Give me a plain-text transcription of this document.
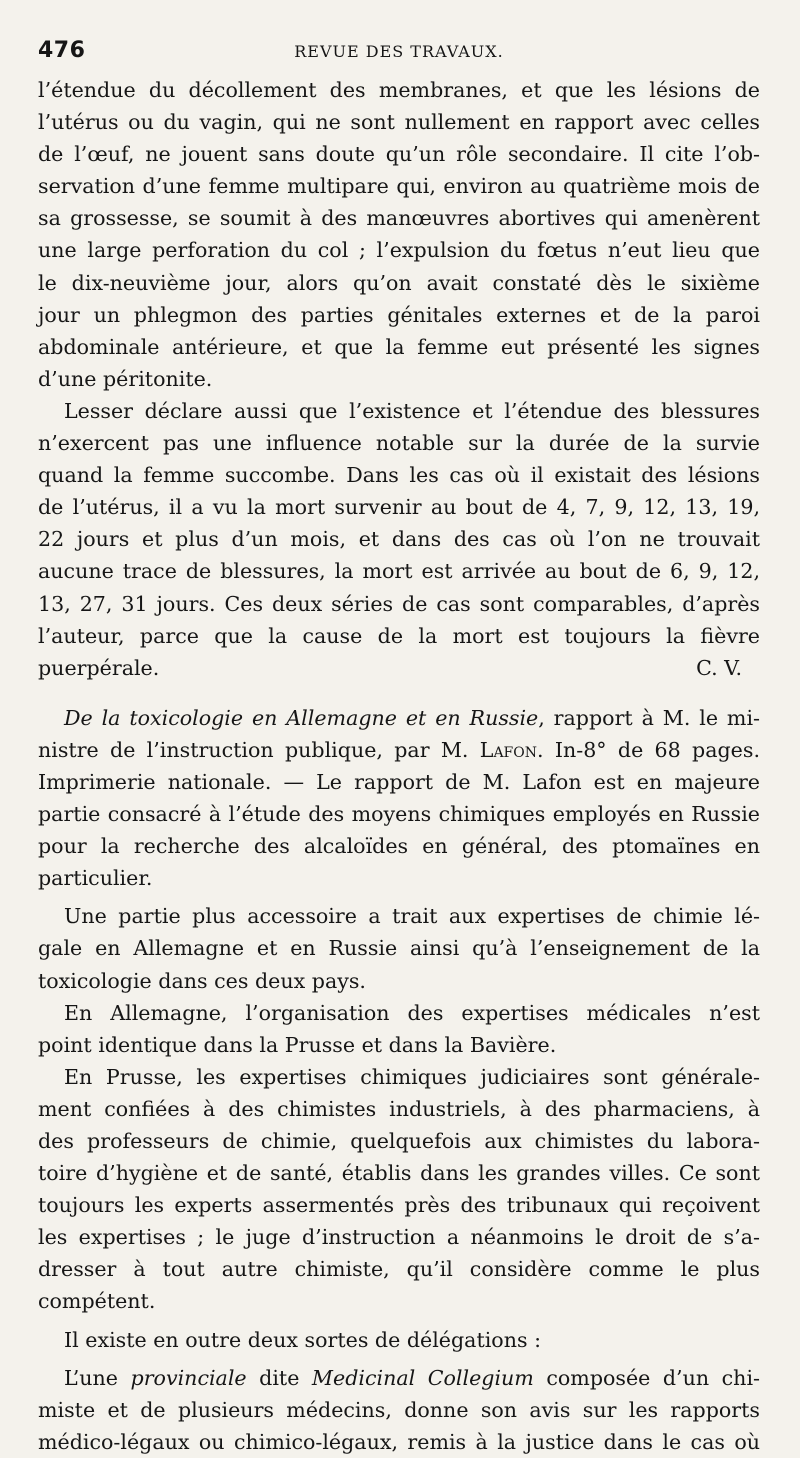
476	REVUE DES TRAVAUX.
l’étendue du décollement des membranes, et que les lésions de
l’utérus ou du vagin, qui ne sont nullement en rapport avec celles
de l’œuf, ne jouent sans doute qu’un rôle secondaire. Il cite l’ob-
servation d’une femme multipare qui, environ au quatrième mois de
sa grossesse, se soumit à des manœuvres abortives qui amenèrent
une large perforation du col ; l’expulsion du fœtus n’eut lieu que
le dix-neuvième jour, alors qu’on avait constaté dès le sixième
jour un phlegmon des parties génitales externes et de la paroi
abdominale antérieure, et que la femme eut présenté les signes
d’une péritonite.
Lesser déclare aussi que l’existence et l’étendue des blessures
n’exercent pas une influence notable sur la durée de la survie
quand la femme succombe. Dans les cas où il existait des lésions
de l’utérus, il a vu la mort survenir au bout de 4, 7, 9, 12, 13, 19,
22 jours et plus d’un mois, et dans des cas où l’on ne trouvait
aucune trace de blessures, la mort est arrivée au bout de 6, 9, 12,
13, 27, 31 jours. Ces deux séries de cas sont comparables, d’après
l’auteur, parce que la cause de la mort est toujours la fièvre
puerpérale.	C. V.
De la toxicologie en Allemagne et en Russie, rapport à M. le mi-
nistre de l’instruction publique, par M. Lafon. In-8° de 68 pages.
Imprimerie nationale. — Le rapport de M. Lafon est en majeure
partie consacré à l’étude des moyens chimiques employés en Russie
pour la recherche des alcaloïdes en général, des ptomaïnes en
particulier.
Une partie plus accessoire a trait aux expertises de chimie lé-
gale en Allemagne et en Russie ainsi qu’à l’enseignement de la
toxicologie dans ces deux pays.
En Allemagne, l’organisation des expertises médicales n’est
point identique dans la Prusse et dans la Bavière.
En Prusse, les expertises chimiques judiciaires sont générale-
ment confiées à des chimistes industriels, à des pharmaciens, à
des professeurs de chimie, quelquefois aux chimistes du labora-
toire d’hygiène et de santé, établis dans les grandes villes. Ce sont
toujours les experts assermentés près des tribunaux qui reçoivent
les expertises ; le juge d’instruction a néanmoins le droit de s’a-
dresser à tout autre chimiste, qu’il considère comme le plus
compétent.
Il existe en outre deux sortes de délégations :
L’une provinciale dite Medicinal Collegium composée d’un chi-
miste et de plusieurs médecins, donne son avis sur les rapports
médico-légaux ou chimico-légaux, remis à la justice dans le cas où
